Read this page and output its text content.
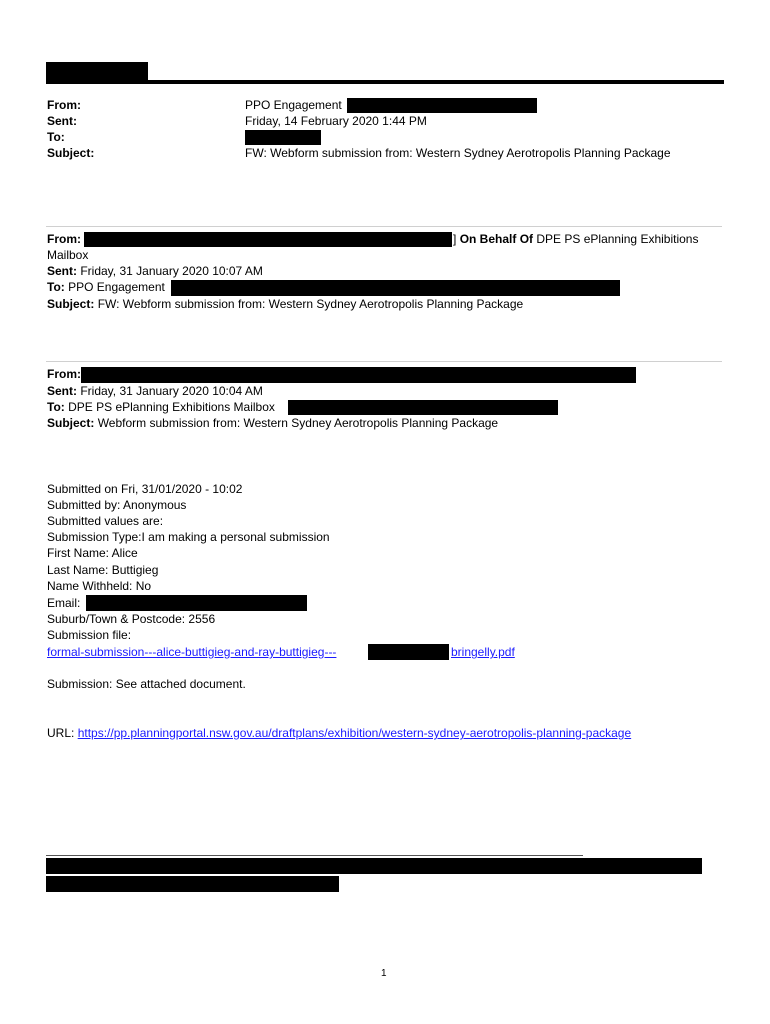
From:	PPO Engagement
Sent:	Friday, 14 February 2020 1:44 PM
To:
Subject:	FW: Webform submission from: Western Sydney Aerotropolis Planning Package
From:	] On Behalf Of DPE PS ePlanning Exhibitions
Mailbox
Sent: Friday, 31 January 2020 10:07 AM
To: PPO Engagement
Subject: FW: Webform submission from: Western Sydney Aerotropolis Planning Package
From:
Sent: Friday, 31 January 2020 10:04 AM
To: DPE PS ePlanning Exhibitions Mailbox
Subject: Webform submission from: Western Sydney Aerotropolis Planning Package
Submitted on Fri, 31/01/2020 - 10:02
Submitted by: Anonymous
Submitted values are:
Submission Type:I am making a personal submission
First Name: Alice
Last Name: Buttigieg
Name Withheld: No
Email:
Suburb/Town & Postcode: 2556
Submission file:
formal-submission---alice-buttigieg-and-ray-buttigieg---	bringelly.pdf
Submission: See attached document.
URL: https://pp.planningportal.nsw.gov.au/draftplans/exhibition/western-sydney-aerotropolis-planning-package
1
